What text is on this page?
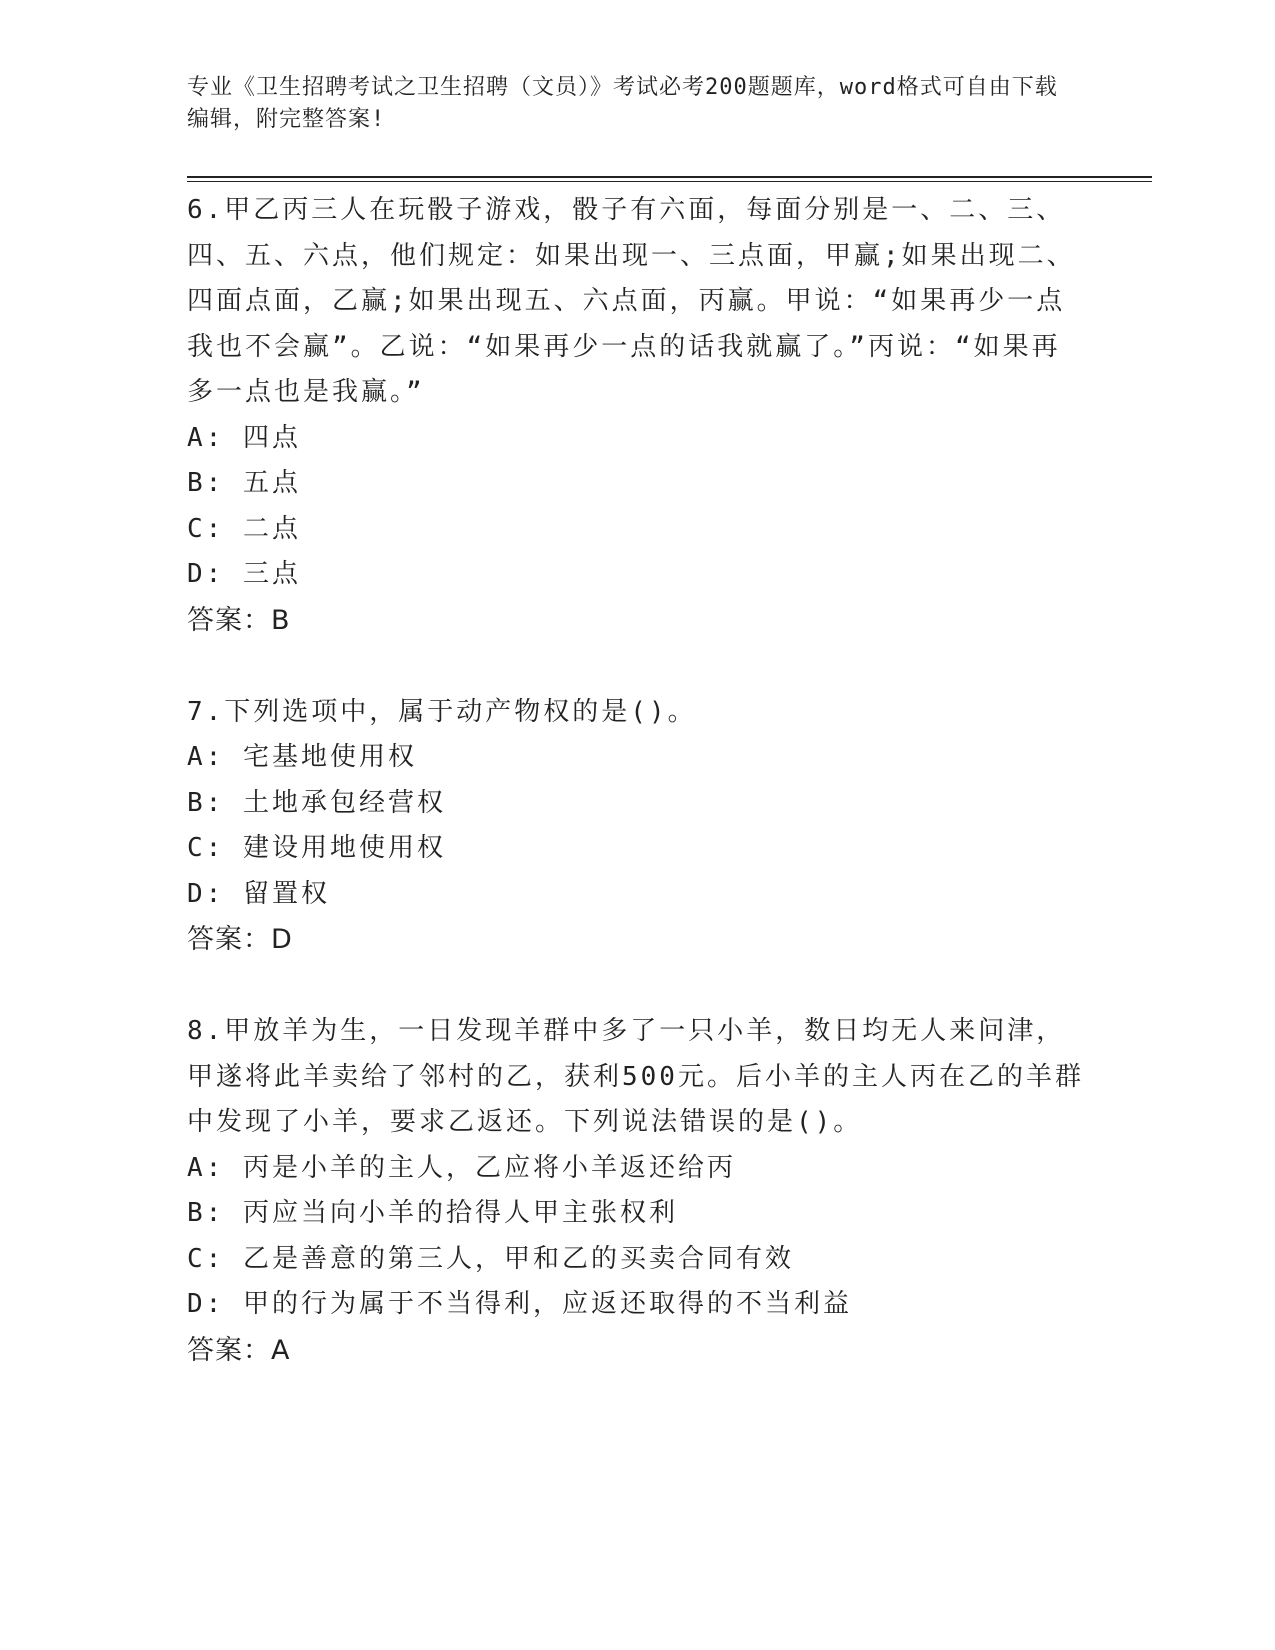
专业《卫生招聘考试之卫生招聘（文员）》考试必考200题题库，word格式可自由下载编辑，附完整答案!
6.甲乙丙三人在玩骰子游戏，骰子有六面，每面分别是一、二、三、四、五、六点，他们规定：如果出现一、三点面，甲赢;如果出现二、四面点面，乙赢;如果出现五、六点面，丙赢。甲说：“如果再少一点我也不会赢”。乙说：“如果再少一点的话我就赢了。”丙说：“如果再多一点也是我赢。”
A: 四点
B: 五点
C: 二点
D: 三点
答案：B
7.下列选项中，属于动产物权的是()。
A: 宅基地使用权
B: 土地承包经营权
C: 建设用地使用权
D: 留置权
答案：D
8.甲放羊为生，一日发现羊群中多了一只小羊，数日均无人来问津，甲遂将此羊卖给了邻村的乙，获利500元。后小羊的主人丙在乙的羊群中发现了小羊，要求乙返还。下列说法错误的是()。
A: 丙是小羊的主人，乙应将小羊返还给丙
B: 丙应当向小羊的拾得人甲主张权利
C: 乙是善意的第三人，甲和乙的买卖合同有效
D: 甲的行为属于不当得利，应返还取得的不当利益
答案：A
